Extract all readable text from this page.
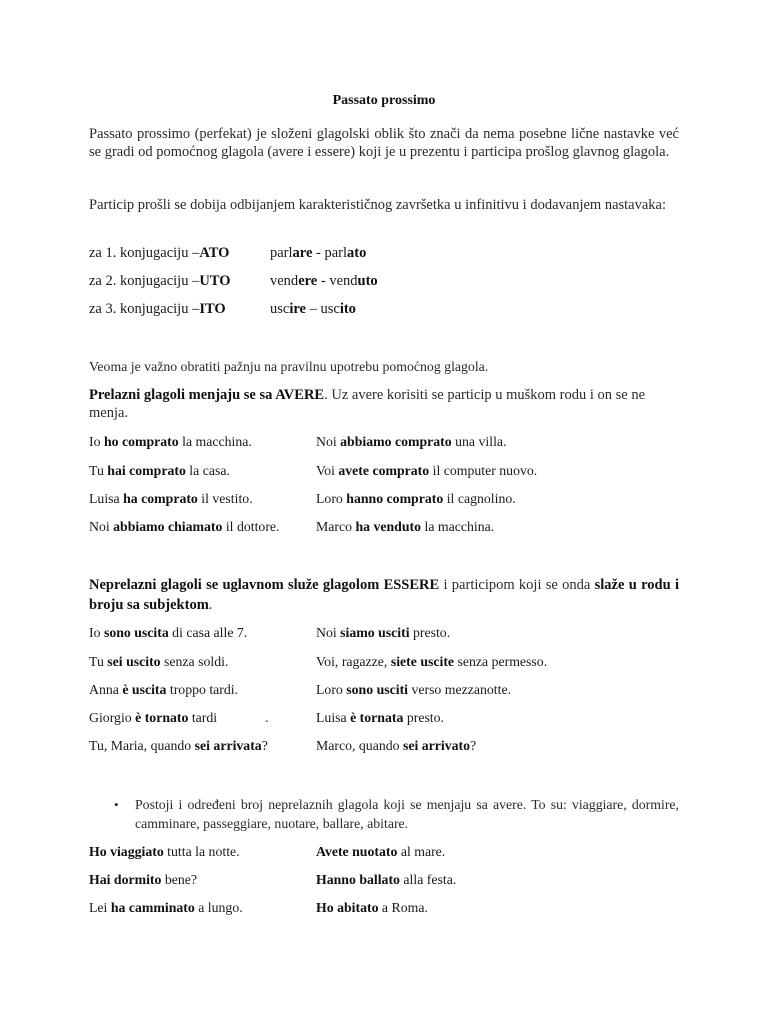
Passato prossimo
Passato prossimo (perfekat) je složeni glagolski oblik što znači da nema posebne lične nastavke već se gradi od pomoćnog glagola (avere i essere) koji je u prezentu i participa prošlog glavnog glagola.
Particip prošli se dobija odbijanjem karakterističnog završetka u infinitivu i dodavanjem nastavaka:
za 1. konjugaciju –ATO	parlare - parlato
za 2. konjugaciju –UTO	vendere - venduto
za 3. konjugaciju –ITO	uscire – uscito
Veoma je važno obratiti pažnju na pravilnu upotrebu pomoćnog glagola.
Prelazni glagoli menjaju se sa AVERE. Uz avere korisiti se particip u muškom rodu i on se ne menja.
Io ho comprato la macchina.	Noi abbiamo comprato una villa.
Tu hai comprato la casa.	Voi avete comprato il computer nuovo.
Luisa ha comprato il vestito.	Loro hanno comprato il cagnolino.
Noi abbiamo chiamato il dottore.	Marco ha venduto la macchina.
Neprelazni glagoli se uglavnom služe glagolom ESSERE i participom koji se onda slaže u rodu i broju sa subjektom.
Io sono uscita di casa alle 7.	Noi siamo usciti presto.
Tu sei uscito senza soldi.	Voi, ragazze, siete uscite senza permesso.
Anna è uscita troppo tardi.	Loro sono usciti verso mezzanotte.
Giorgio è tornato tardi	.	Luisa è tornata presto.
Tu, Maria, quando sei arrivata?	Marco, quando sei arrivato?
• Postoji i određeni broj neprelaznih glagola koji se menjaju sa avere. To su: viaggiare, dormire, camminare, passeggiare, nuotare, ballare, abitare.
Ho viaggiato tutta la notte.	Avete nuotato al mare.
Hai dormito bene?	Hanno ballato alla festa.
Lei ha camminato a lungo.	Ho abitato a Roma.
